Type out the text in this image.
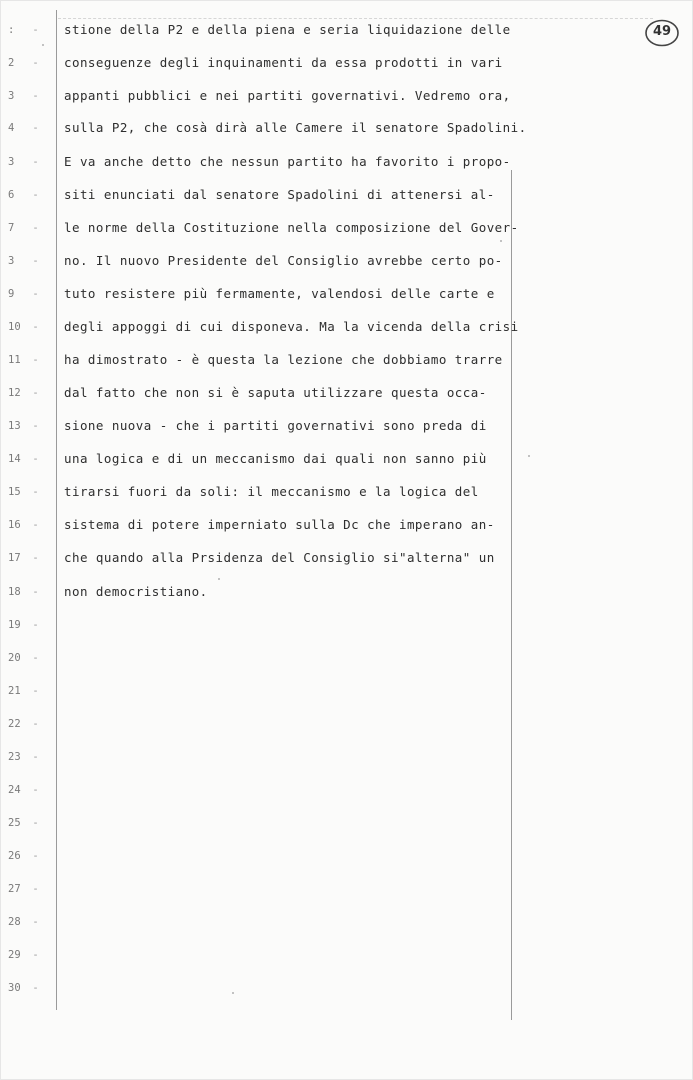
49
: -
2 -
3 -
4 -
3 -
6 -
7 -
3 -
9 -
10 -
11 -
12 -
13 -
14 -
15 -
16 -
17 -
18 -
19 -
20 -
21 -
22 -
23 -
24 -
25 -
26 -
27 -
28 -
29 -
30 -
stione della P2 e della piena e seria liquidazione delle
conseguenze degli inquinamenti da essa prodotti in vari
appanti pubblici e nei partiti governativi. Vedremo ora,
sulla P2, che cosà dirà alle Camere il senatore Spadolini.
E va anche detto che nessun partito ha favorito i propo-
siti enunciati dal senatore Spadolini di attenersi al-
le norme della Costituzione nella composizione del Gover-
no. Il nuovo Presidente del Consiglio avrebbe certo po-
tuto resistere più fermamente, valendosi delle carte e
degli appoggi di cui disponeva. Ma la vicenda della crisi
ha dimostrato - è questa la lezione che dobbiamo trarre
dal fatto che non si è saputa utilizzare questa occa-
sione nuova - che i partiti governativi sono preda di
una logica e di un meccanismo dai quali non sanno più
tirarsi fuori da soli: il meccanismo e la logica del
sistema di potere imperniato sulla Dc che imperano an-
che quando alla Prsidenza del Consiglio si"alterna" un
non democristiano.
